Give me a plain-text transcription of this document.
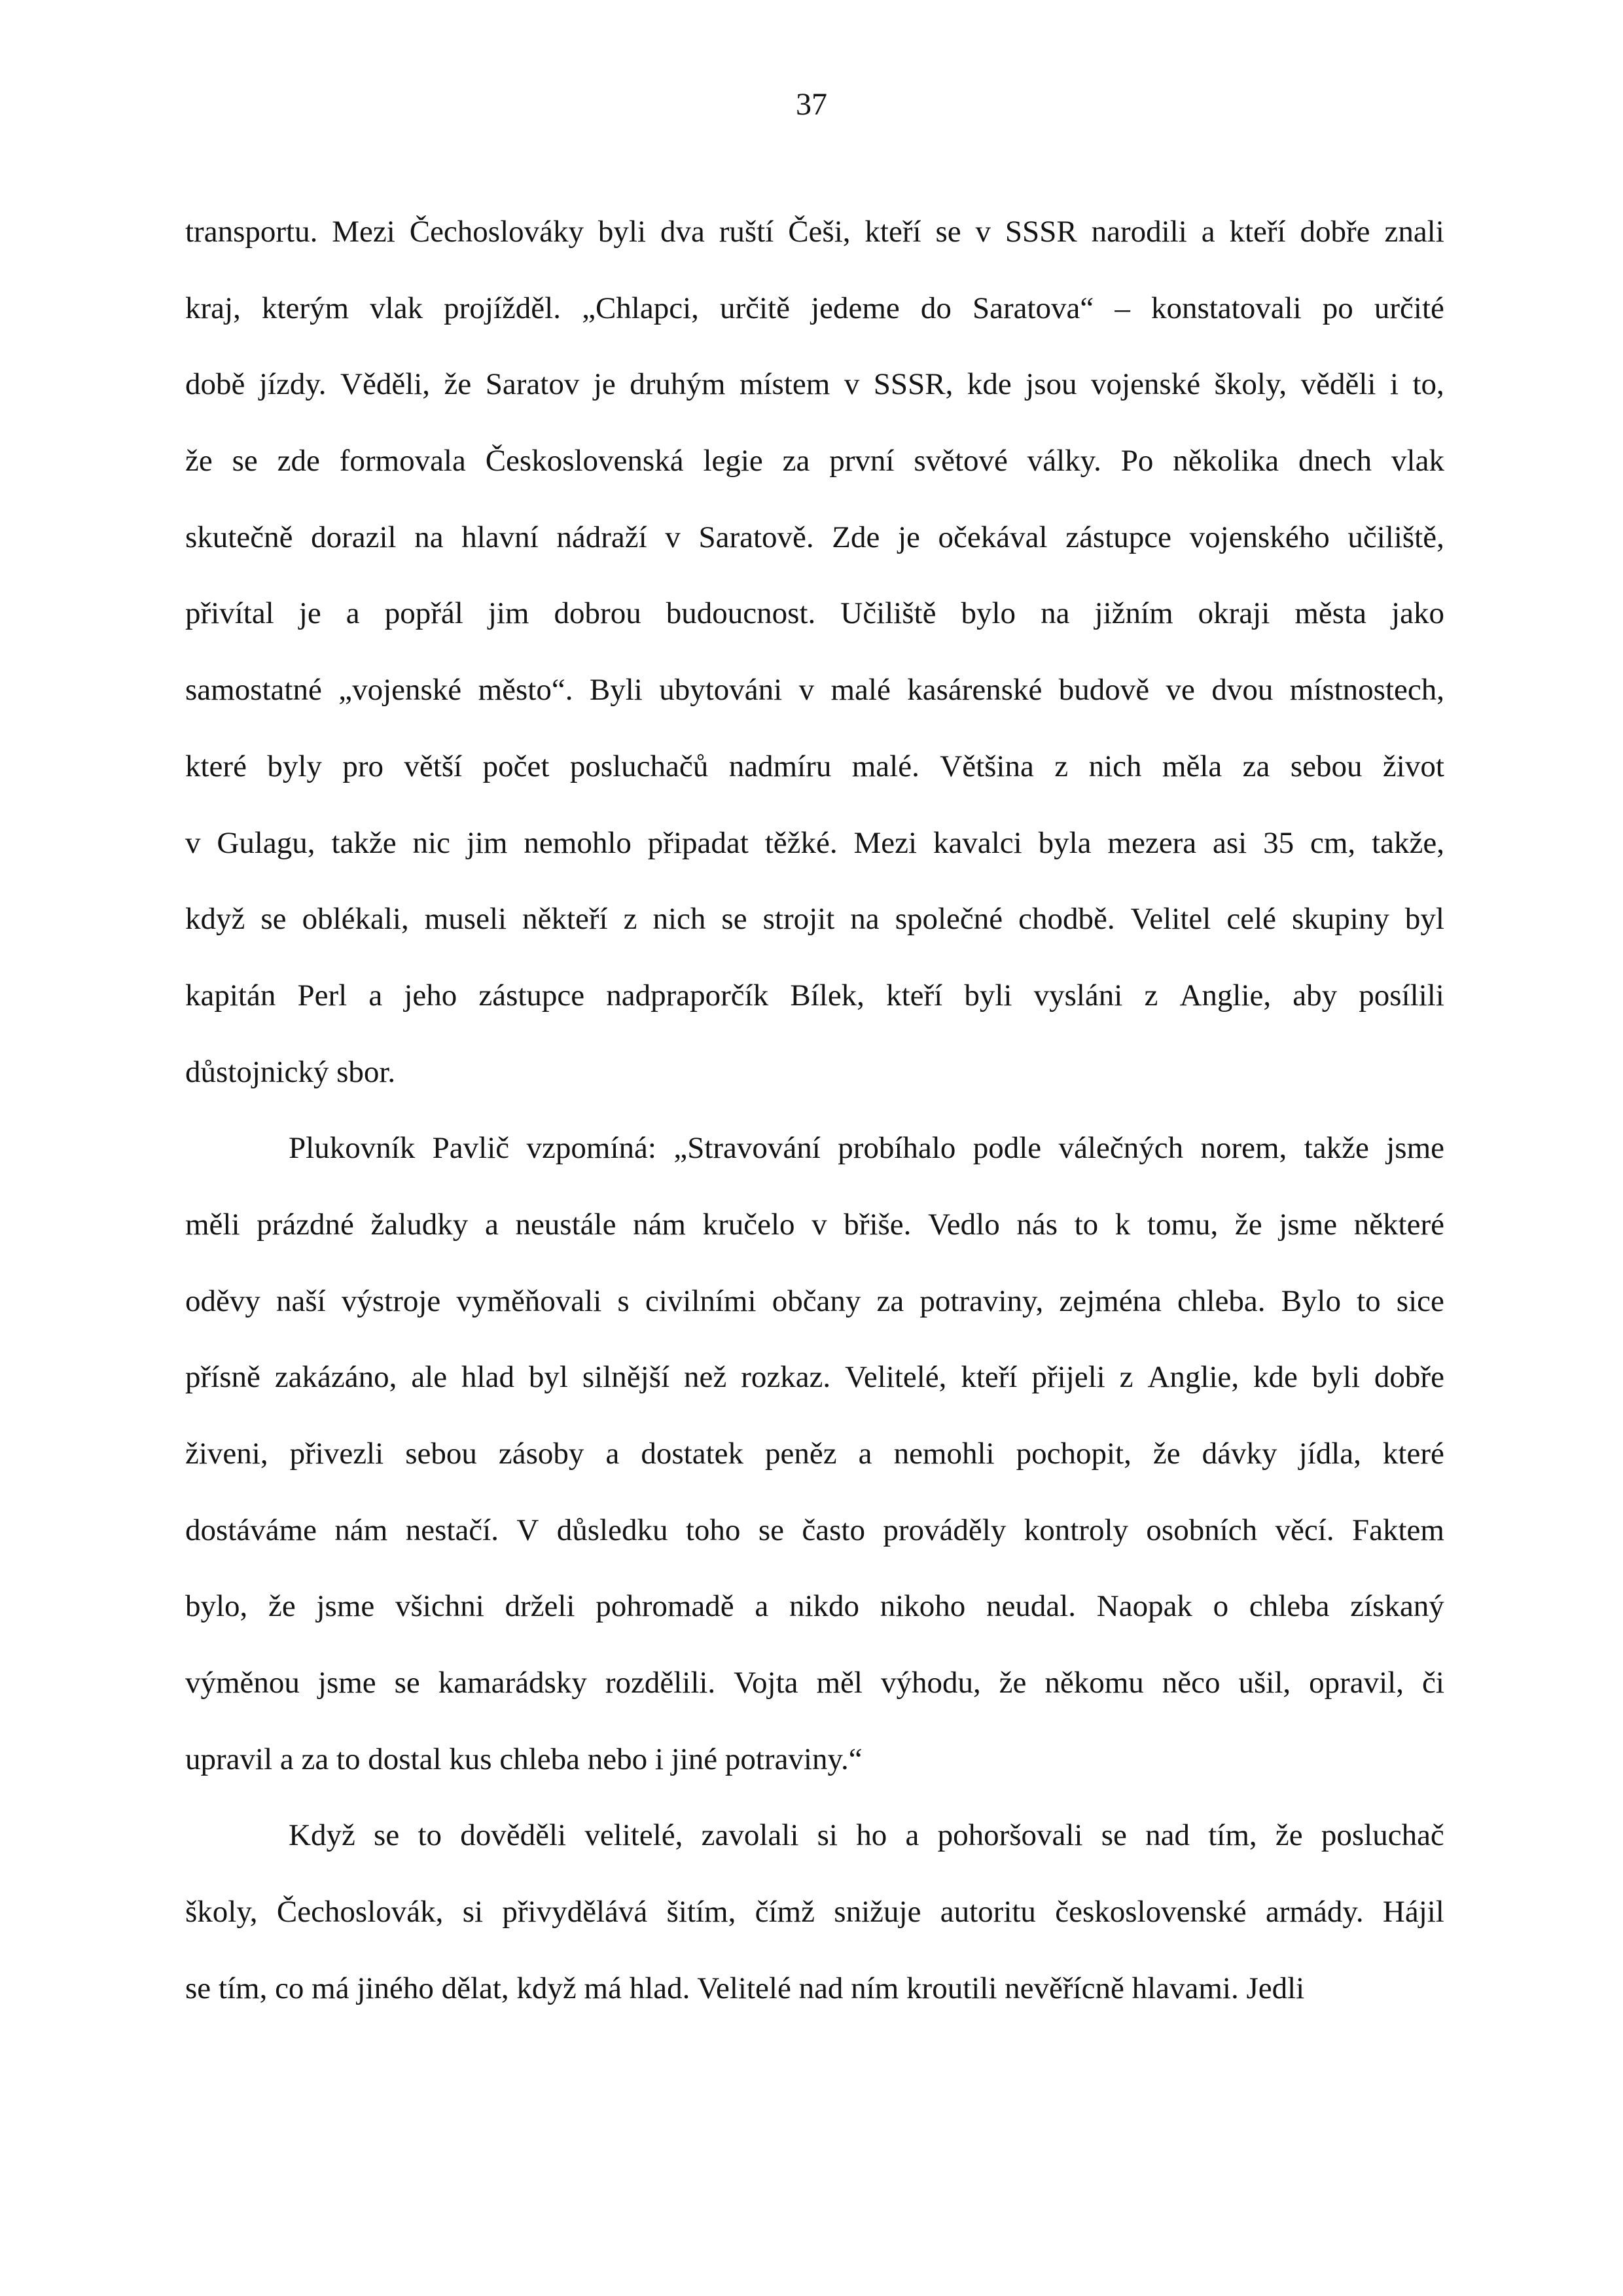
37
transportu. Mezi Čechoslováky byli dva ruští Češi, kteří se v SSSR narodili a kteří dobře znali
kraj, kterým vlak projížděl. „Chlapci, určitě jedeme do Saratova“ – konstatovali po určité
době jízdy. Věděli, že Saratov je druhým místem v SSSR, kde jsou vojenské školy, věděli i to,
že se zde formovala Československá legie za první světové války. Po několika dnech vlak
skutečně dorazil na hlavní nádraží v Saratově. Zde je očekával zástupce vojenského učiliště,
přivítal je a popřál jim dobrou budoucnost. Učiliště bylo na jižním okraji města jako
samostatné „vojenské město“. Byli ubytováni v malé kasárenské budově ve dvou místnostech,
které byly pro větší počet posluchačů nadmíru malé. Většina z nich měla za sebou život
v Gulagu, takže nic jim nemohlo připadat těžké. Mezi kavalci byla mezera asi 35 cm, takže,
když se oblékali, museli někteří z nich se strojit na společné chodbě. Velitel celé skupiny byl
kapitán Perl a jeho zástupce nadpraporčík Bílek, kteří byli vysláni z Anglie, aby posílili
důstojnický sbor.
Plukovník Pavlič vzpomíná: „Stravování probíhalo podle válečných norem, takže jsme
měli prázdné žaludky a neustále nám kručelo v břiše. Vedlo nás to k tomu, že jsme některé
oděvy naší výstroje vyměňovali s civilními občany za potraviny, zejména chleba. Bylo to sice
přísně zakázáno, ale hlad byl silnější než rozkaz. Velitelé, kteří přijeli z Anglie, kde byli dobře
živeni, přivezli sebou zásoby a dostatek peněz a nemohli pochopit, že dávky jídla, které
dostáváme nám nestačí. V důsledku toho se často prováděly kontroly osobních věcí. Faktem
bylo, že jsme všichni drželi pohromadě a nikdo nikoho neudal. Naopak o chleba získaný
výměnou jsme se kamarádsky rozdělili. Vojta měl výhodu, že někomu něco ušil, opravil, či
upravil a za to dostal kus chleba nebo i jiné potraviny.“
Když se to dověděli velitelé, zavolali si ho a pohoršovali se nad tím, že posluchač
školy, Čechoslovák, si přivydělává šitím, čímž snižuje autoritu československé armády. Hájil
se tím, co má jiného dělat, když má hlad. Velitelé nad ním kroutili nevěřícně hlavami. Jedli
